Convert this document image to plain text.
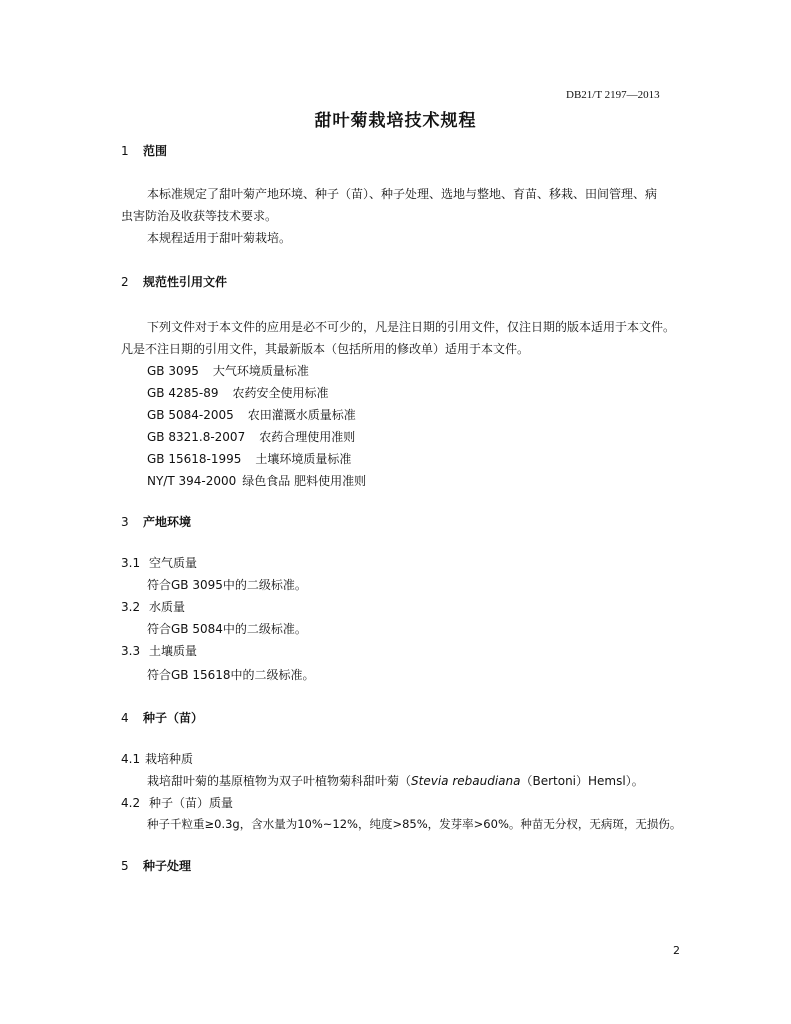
DB21/T 2197—2013
甜叶菊栽培技术规程
1 范围
本标准规定了甜叶菊产地环境、种子（苗）、种子处理、选地与整地、育苗、移栽、田间管理、病
虫害防治及收获等技术要求。
本规程适用于甜叶菊栽培。
2 规范性引用文件
下列文件对于本文件的应用是必不可少的，凡是注日期的引用文件，仅注日期的版本适用于本文件。
凡是不注日期的引用文件，其最新版本（包括所用的修改单）适用于本文件。
GB 3095 大气环境质量标准
GB 4285-89 农药安全使用标准
GB 5084-2005 农田灌溉水质量标准
GB 8321.8-2007 农药合理使用准则
GB 15618-1995 土壤环境质量标准
NY/T 394-2000 绿色食品 肥料使用准则
3 产地环境
3.1 空气质量
符合GB 3095中的二级标准。
3.2 水质量
符合GB 5084中的二级标准。
3.3 土壤质量
符合GB 15618中的二级标准。
4 种子（苗）
4.1 栽培种质
栽培甜叶菊的基原植物为双子叶植物菊科甜叶菊（Stevia rebaudiana（Bertoni）Hemsl）。
4.2 种子（苗）质量
种子千粒重≥0.3g，含水量为10%~12%，纯度>85%，发芽率>60%。种苗无分杈，无病斑，无损伤。
5 种子处理
2
